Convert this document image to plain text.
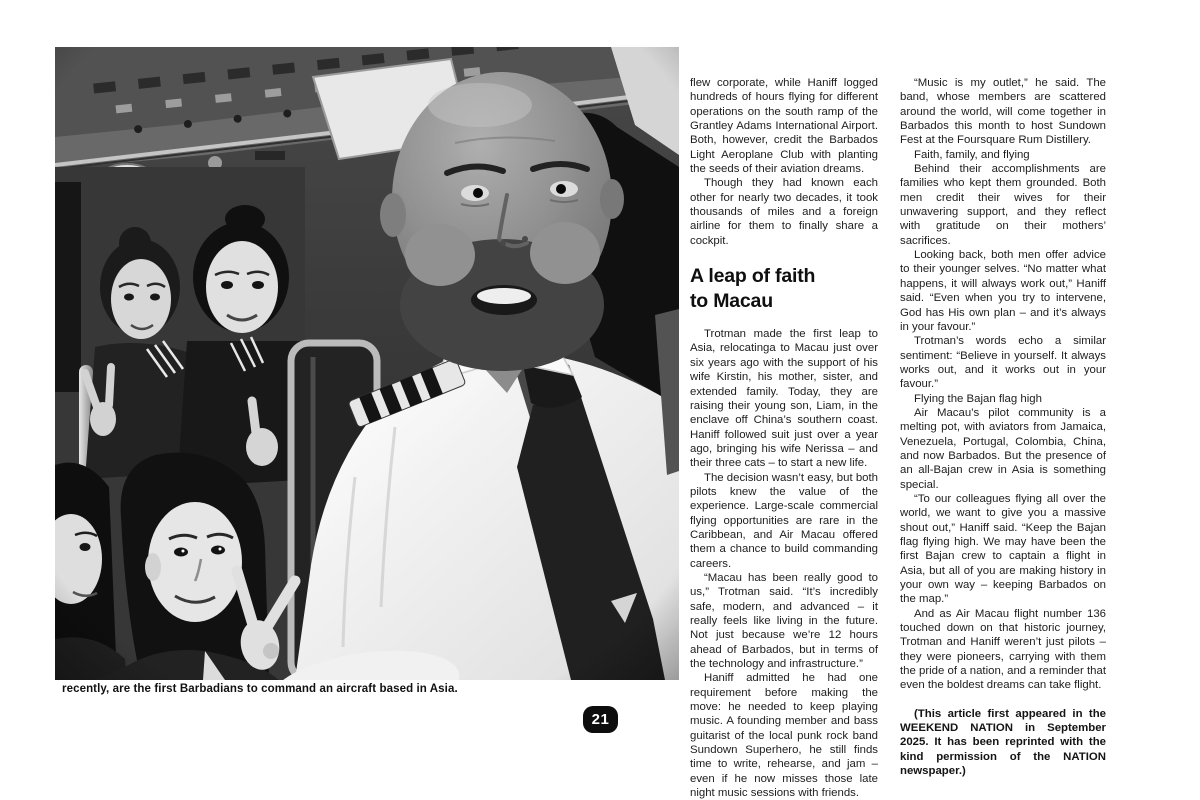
recently, are the first Barbadians to command an aircraft based in Asia.

flew corporate, while Haniff logged hundreds of hours flying for different operations on the south ramp of the Grantley Adams International Airport. Both, however, credit the Barbados Light Aeroplane Club with planting the seeds of their aviation dreams.

Though they had known each other for nearly two decades, it took thousands of miles and a foreign airline for them to finally share a cockpit.

A leap of faith
to Macau

Trotman made the first leap to Asia, relocatinga to Macau just over six years ago with the support of his wife Kirstin, his mother, sister, and extended family. Today, they are raising their young son, Liam, in the enclave off China’s southern coast. Haniff followed suit just over a year ago, bringing his wife Nerissa – and their three cats – to start a new life.

The decision wasn’t easy, but both pilots knew the value of the experience. Large-scale commercial flying opportunities are rare in the Caribbean, and Air Macau offered them a chance to build commanding careers.

“Macau has been really good to us,” Trotman said. “It’s incredibly safe, modern, and advanced – it really feels like living in the future. Not just because we’re 12 hours ahead of Barbados, but in terms of the technology and infrastructure.”

Haniff admitted he had one requirement before making the move: he needed to keep playing music. A founding member and bass guitarist of the local punk rock band Sundown Superhero, he still finds time to write, rehearse, and jam – even if he now misses those late night music sessions with friends.

“Music is my outlet,” he said. The band, whose members are scattered around the world, will come together in Barbados this month to host Sundown Fest at the Foursquare Rum Distillery.

Faith, family, and flying

Behind their accomplishments are families who kept them grounded. Both men credit their wives for their unwavering support, and they reflect with gratitude on their mothers’ sacrifices.

Looking back, both men offer advice to their younger selves. “No matter what happens, it will always work out,” Haniff said. “Even when you try to intervene, God has His own plan – and it’s always in your favour.”

Trotman’s words echo a similar sentiment: “Believe in yourself. It always works out, and it works out in your favour.”

Flying the Bajan flag high

Air Macau’s pilot community is a melting pot, with aviators from Jamaica, Venezuela, Portugal, Colombia, China, and now Barbados. But the presence of an all-Bajan crew in Asia is something special.

“To our colleagues flying all over the world, we want to give you a massive shout out,” Haniff said. “Keep the Bajan flag flying high. We may have been the first Bajan crew to captain a flight in Asia, but all of you are making history in your own way – keeping Barbados on the map.”

And as Air Macau flight number 136 touched down on that historic journey, Trotman and Haniff weren’t just pilots – they were pioneers, carrying with them the pride of a nation, and a reminder that even the boldest dreams can take flight.

(This article first appeared in the WEEKEND NATION in September 2025. It has been reprinted with the kind permission of the NATION newspaper.)

21
